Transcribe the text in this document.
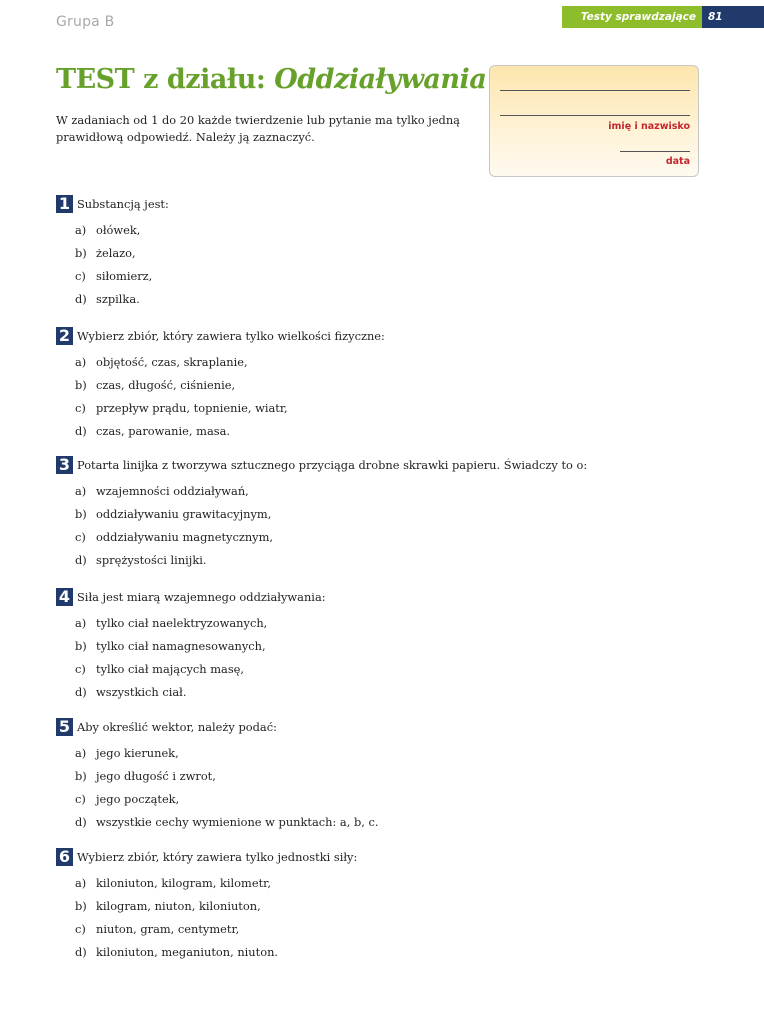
Grupa B	Testy sprawdzające	81
TEST z działu: Oddziaływania
W zadaniach od 1 do 20 każde twierdzenie lub pytanie ma tylko jedną prawidłową odpowiedź. Należy ją zaznaczyć.
imię i nazwisko
data
1 Substancją jest:
a) ołówek,
b) żelazo,
c) siłomierz,
d) szpilka.
2 Wybierz zbiór, który zawiera tylko wielkości fizyczne:
a) objętość, czas, skraplanie,
b) czas, długość, ciśnienie,
c) przepływ prądu, topnienie, wiatr,
d) czas, parowanie, masa.
3 Potarta linijka z tworzywa sztucznego przyciąga drobne skrawki papieru. Świadczy to o:
a) wzajemności oddziaływań,
b) oddziaływaniu grawitacyjnym,
c) oddziaływaniu magnetycznym,
d) sprężystości linijki.
4 Siła jest miarą wzajemnego oddziaływania:
a) tylko ciał naelektryzowanych,
b) tylko ciał namagnesowanych,
c) tylko ciał mających masę,
d) wszystkich ciał.
5 Aby określić wektor, należy podać:
a) jego kierunek,
b) jego długość i zwrot,
c) jego początek,
d) wszystkie cechy wymienione w punktach: a, b, c.
6 Wybierz zbiór, który zawiera tylko jednostki siły:
a) kiloniuton, kilogram, kilometr,
b) kilogram, niuton, kiloniuton,
c) niuton, gram, centymetr,
d) kiloniuton, meganiuton, niuton.
